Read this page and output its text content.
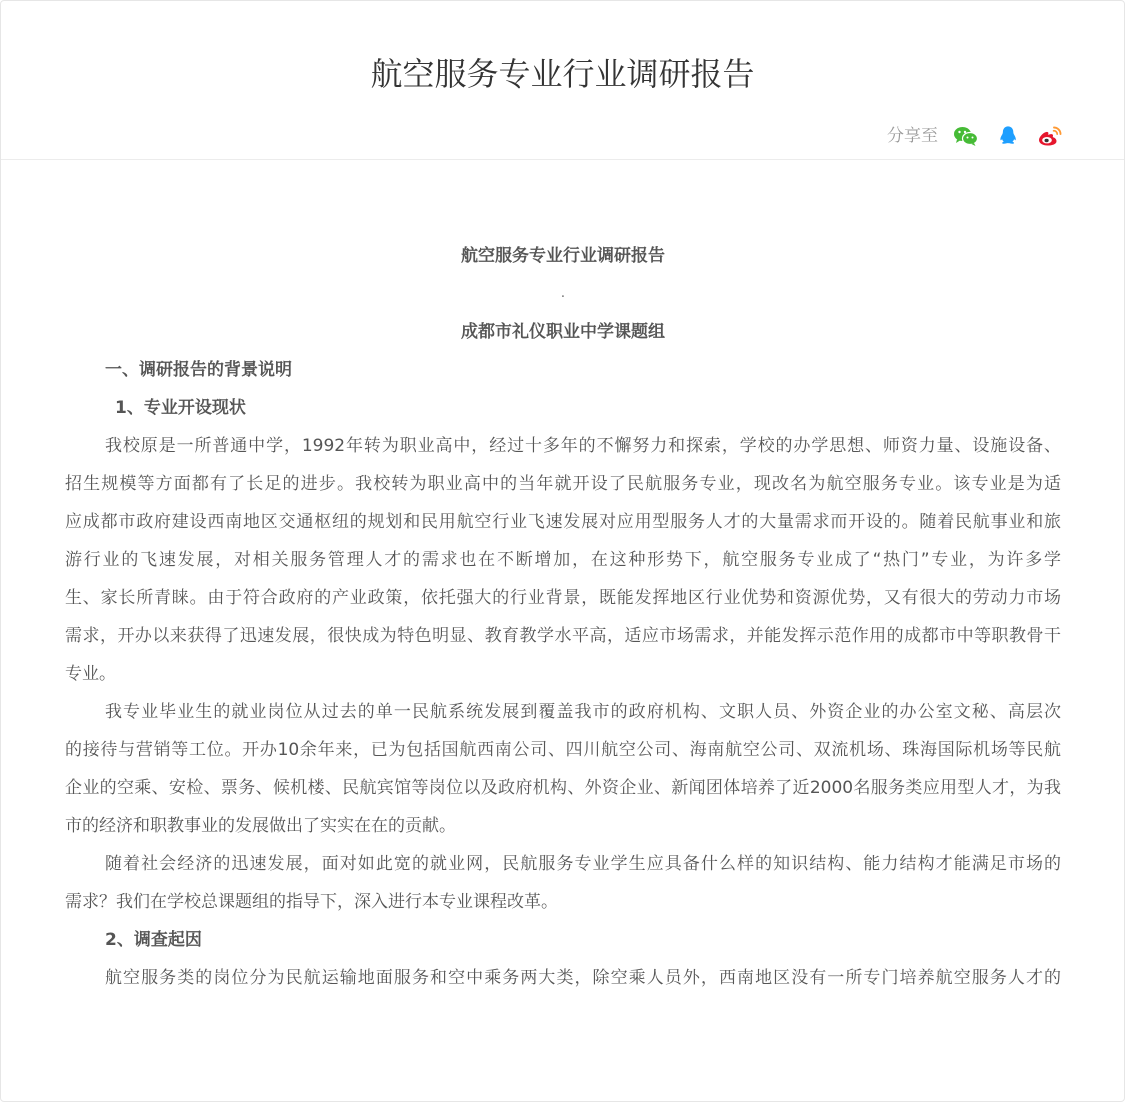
航空服务专业行业调研报告
分享至
航空服务专业行业调研报告
.
成都市礼仪职业中学课题组
一、调研报告的背景说明
1、专业开设现状
我校原是一所普通中学，1992年转为职业高中，经过十多年的不懈努力和探索，学校的办学思想、师资力量、设施设备、
招生规模等方面都有了长足的进步。我校转为职业高中的当年就开设了民航服务专业，现改名为航空服务专业。该专业是为适
应成都市政府建设西南地区交通枢纽的规划和民用航空行业飞速发展对应用型服务人才的大量需求而开设的。随着民航事业和旅
游行业的飞速发展，对相关服务管理人才的需求也在不断增加，在这种形势下，航空服务专业成了“热门”专业，为许多学
生、家长所青睐。由于符合政府的产业政策，依托强大的行业背景，既能发挥地区行业优势和资源优势，又有很大的劳动力市场
需求，开办以来获得了迅速发展，很快成为特色明显、教育教学水平高，适应市场需求，并能发挥示范作用的成都市中等职教骨干
专业。
我专业毕业生的就业岗位从过去的单一民航系统发展到覆盖我市的政府机构、文职人员、外资企业的办公室文秘、高层次
的接待与营销等工位。开办10余年来，已为包括国航西南公司、四川航空公司、海南航空公司、双流机场、珠海国际机场等民航
企业的空乘、安检、票务、候机楼、民航宾馆等岗位以及政府机构、外资企业、新闻团体培养了近2000名服务类应用型人才，为我
市的经济和职教事业的发展做出了实实在在的贡献。
随着社会经济的迅速发展，面对如此宽的就业网，民航服务专业学生应具备什么样的知识结构、能力结构才能满足市场的
需求？我们在学校总课题组的指导下，深入进行本专业课程改革。
2、调查起因
航空服务类的岗位分为民航运输地面服务和空中乘务两大类，除空乘人员外，西南地区没有一所专门培养航空服务人才的
